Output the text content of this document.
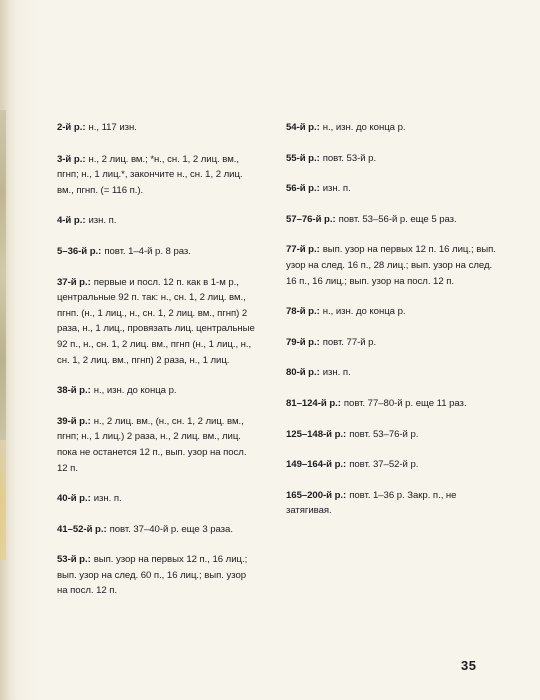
2-й р.: н., 117 изн.

3-й р.: н., 2 лиц. вм.; *н., сн. 1, 2 лиц. вм., пгнп; н., 1 лиц.*, закончите н., сн. 1, 2 лиц. вм., пгнп. (= 116 п.).

4-й р.: изн. п.

5–36-й р.: повт. 1–4-й р. 8 раз.

37-й р.: первые и посл. 12 п. как в 1-м р., центральные 92 п. так: н., сн. 1, 2 лиц. вм., пгнп. (н., 1 лиц., н., сн. 1, 2 лиц. вм., пгнп) 2 раза, н., 1 лиц., провязать лиц. центральные 92 п., н., сн. 1, 2 лиц. вм., пгнп (н., 1 лиц., н., сн. 1, 2 лиц. вм., пгнп) 2 раза, н., 1 лиц.

38-й р.: н., изн. до конца р.

39-й р.: н., 2 лиц. вм., (н., сн. 1, 2 лиц. вм., пгнп; н., 1 лиц.) 2 раза, н., 2 лиц. вм., лиц. пока не останется 12 п., вып. узор на посл. 12 п.

40-й р.: изн. п.

41–52-й р.: повт. 37–40-й р. еще 3 раза.

53-й р.: вып. узор на первых 12 п., 16 лиц.; вып. узор на след. 60 п., 16 лиц.; вып. узор на посл. 12 п.

54-й р.: н., изн. до конца р.

55-й р.: повт. 53-й р.

56-й р.: изн. п.

57–76-й р.: повт. 53–56-й р. еще 5 раз.

77-й р.: вып. узор на первых 12 п. 16 лиц.; вып. узор на след. 16 п., 28 лиц.; вып. узор на след. 16 п., 16 лиц.; вып. узор на посл. 12 п.

78-й р.: н., изн. до конца р.

79-й р.: повт. 77-й р.

80-й р.: изн. п.

81–124-й р.: повт. 77–80-й р. еще 11 раз.

125–148-й р.: повт. 53–76-й р.

149–164-й р.: повт. 37–52-й р.

165–200-й р.: повт. 1–36 р. Закр. п., не затягивая.

35
